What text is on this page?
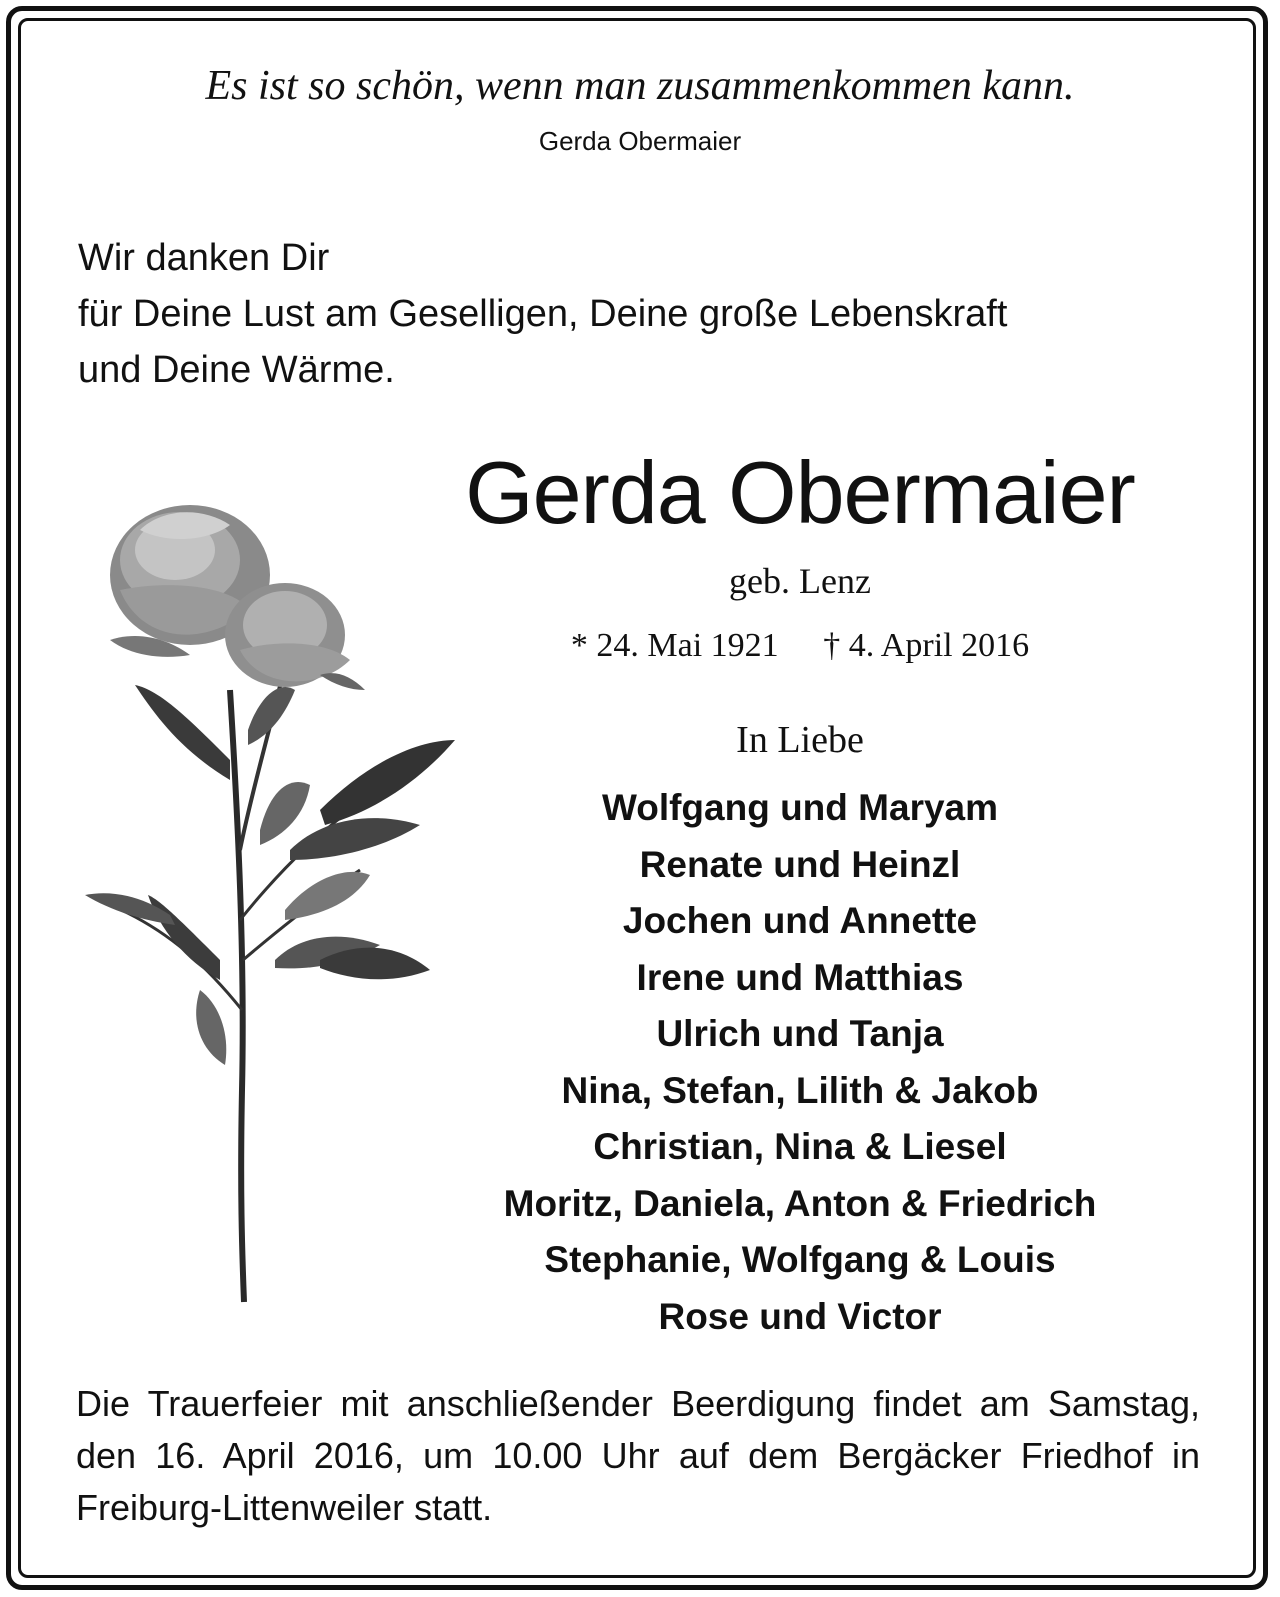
Es ist so schön, wenn man zusammenkommen kann.

Gerda Obermaier

Wir danken Dir
für Deine Lust am Geselligen, Deine große Lebenskraft
und Deine Wärme.
Gerda Obermaier

geb. Lenz

* 24. Mai 1921 † 4. April 2016

In Liebe

Wolfgang und Maryam
Renate und Heinzl
Jochen und Annette
Irene und Matthias
Ulrich und Tanja
Nina, Stefan, Lilith & Jakob
Christian, Nina & Liesel
Moritz, Daniela, Anton & Friedrich
Stephanie, Wolfgang & Louis
Rose und Victor

Die Trauerfeier mit anschließender Beerdigung findet am Samstag, den 16. April 2016, um 10.00 Uhr auf dem Bergäcker Friedhof in Freiburg-Littenweiler statt.
